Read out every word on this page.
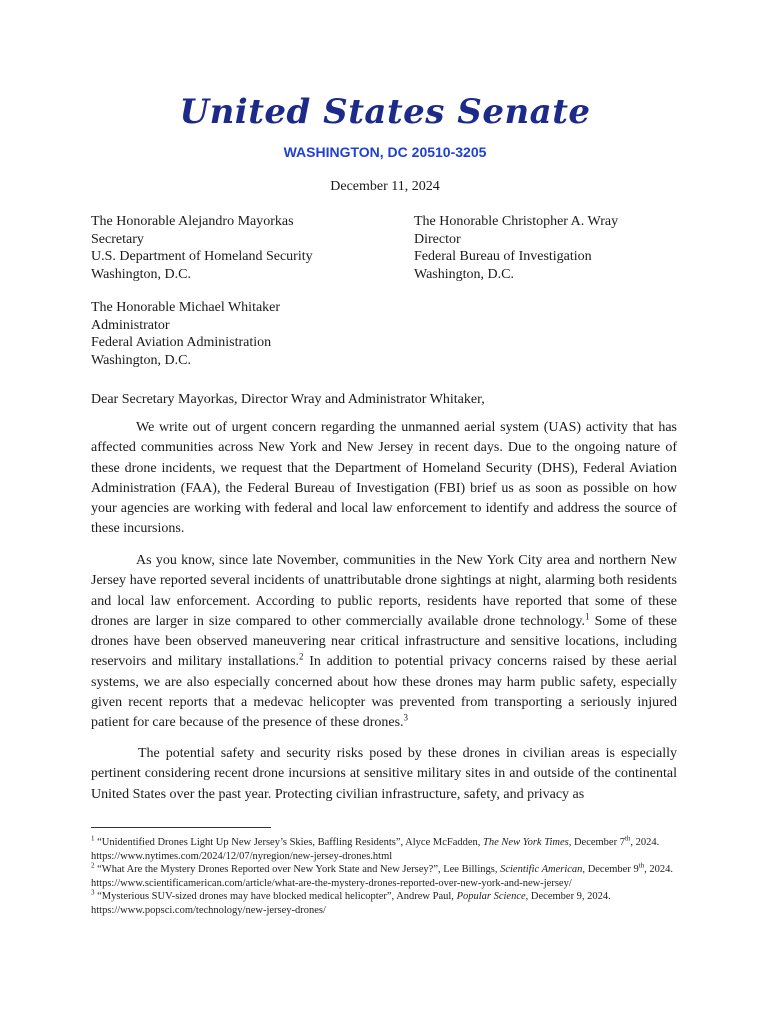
United States Senate
WASHINGTON, DC 20510-3205
December 11, 2024
The Honorable Alejandro Mayorkas
Secretary
U.S. Department of Homeland Security
Washington, D.C.
The Honorable Christopher A. Wray
Director
Federal Bureau of Investigation
Washington, D.C.
The Honorable Michael Whitaker
Administrator
Federal Aviation Administration
Washington, D.C.
Dear Secretary Mayorkas, Director Wray and Administrator Whitaker,

We write out of urgent concern regarding the unmanned aerial system (UAS) activity that has affected communities across New York and New Jersey in recent days. Due to the ongoing nature of these drone incidents, we request that the Department of Homeland Security (DHS), Federal Aviation Administration (FAA), the Federal Bureau of Investigation (FBI) brief us as soon as possible on how your agencies are working with federal and local law enforcement to identify and address the source of these incursions.

As you know, since late November, communities in the New York City area and northern New Jersey have reported several incidents of unattributable drone sightings at night, alarming both residents and local law enforcement. According to public reports, residents have reported that some of these drones are larger in size compared to other commercially available drone technology.$^1$ Some of these drones have been observed maneuvering near critical infrastructure and sensitive locations, including reservoirs and military installations.$^2$ In addition to potential privacy concerns raised by these aerial systems, we are also especially concerned about how these drones may harm public safety, especially given recent reports that a medevac helicopter was prevented from transporting a seriously injured patient for care because of the presence of these drones.$^3$

The potential safety and security risks posed by these drones in civilian areas is especially pertinent considering recent drone incursions at sensitive military sites in and outside of the continental United States over the past year. Protecting civilian infrastructure, safety, and privacy as

$^1$ “Unidentified Drones Light Up New Jersey’s Skies, Baffling Residents”, Alyce McFadden, The New York Times, December 7th, 2024.
https://www.nytimes.com/2024/12/07/nyregion/new-jersey-drones.html

$^2$ “What Are the Mystery Drones Reported over New York State and New Jersey?”, Lee Billings, Scientific American, December 9th, 2024. https://www.scientificamerican.com/article/what-are-the-mystery-drones-reported-over-new-york-and-new-jersey/

$^3$ “Mysterious SUV-sized drones may have blocked medical helicopter”, Andrew Paul, Popular Science, December 9, 2024.
https://www.popsci.com/technology/new-jersey-drones/
